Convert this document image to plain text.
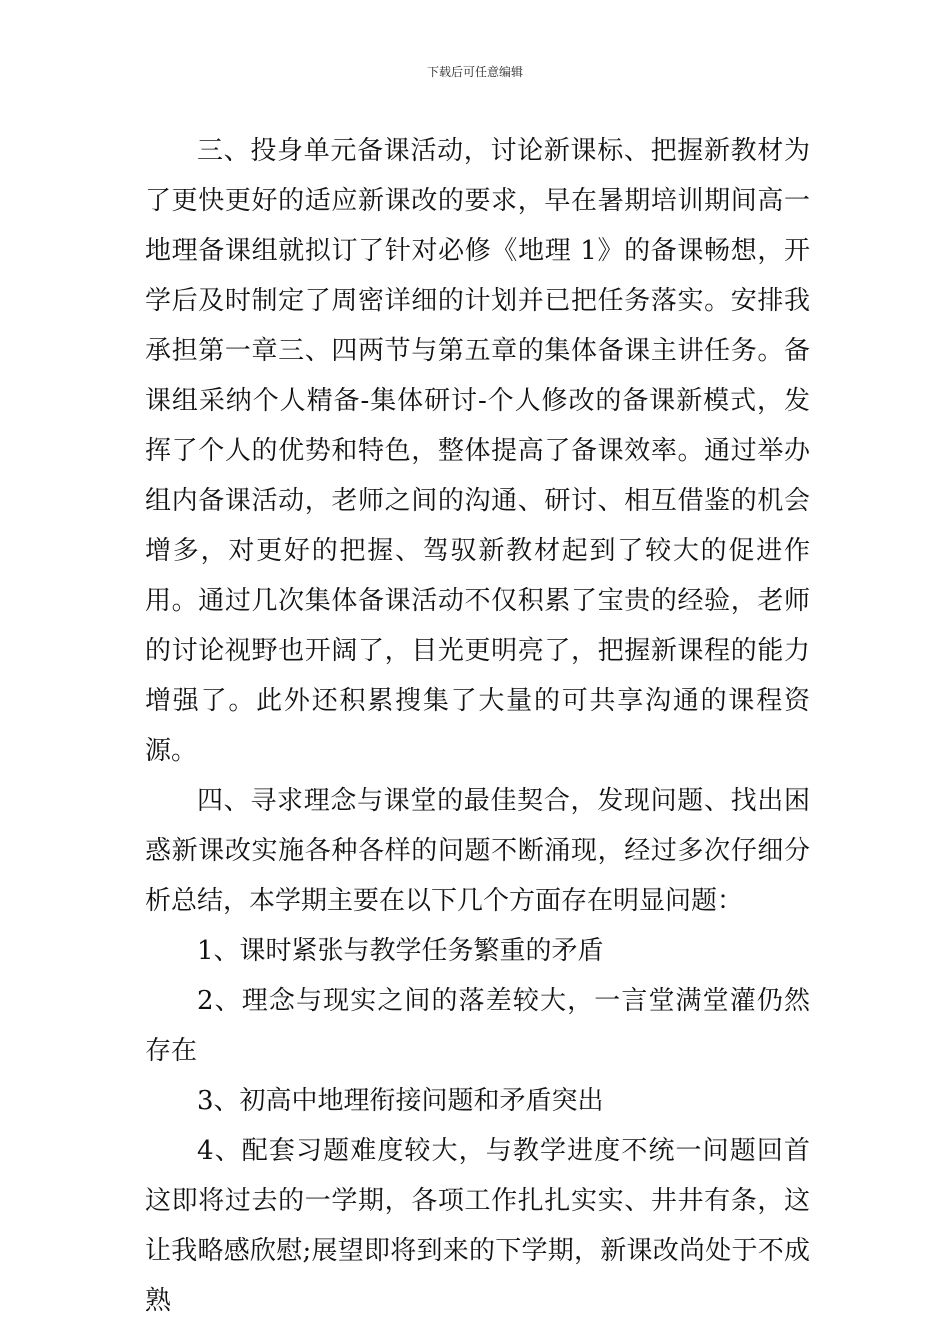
下载后可任意编辑

三、投身单元备课活动，讨论新课标、把握新教材为了更快更好的适应新课改的要求，早在暑期培训期间高一地理备课组就拟订了针对必修《地理 1》的备课畅想，开学后及时制定了周密详细的计划并已把任务落实。安排我承担第一章三、四两节与第五章的集体备课主讲任务。备课组采纳个人精备-集体研讨-个人修改的备课新模式，发挥了个人的优势和特色，整体提高了备课效率。通过举办组内备课活动，老师之间的沟通、研讨、相互借鉴的机会增多，对更好的把握、驾驭新教材起到了较大的促进作用。通过几次集体备课活动不仅积累了宝贵的经验，老师的讨论视野也开阔了，目光更明亮了，把握新课程的能力增强了。此外还积累搜集了大量的可共享沟通的课程资源。

四、寻求理念与课堂的最佳契合，发现问题、找出困惑新课改实施各种各样的问题不断涌现，经过多次仔细分析总结，本学期主要在以下几个方面存在明显问题：

1、课时紧张与教学任务繁重的矛盾

2、理念与现实之间的落差较大，一言堂满堂灌仍然存在

3、初高中地理衔接问题和矛盾突出

4、配套习题难度较大，与教学进度不统一问题回首这即将过去的一学期，各项工作扎扎实实、井井有条，这让我略感欣慰;展望即将到来的下学期，新课改尚处于不成熟
